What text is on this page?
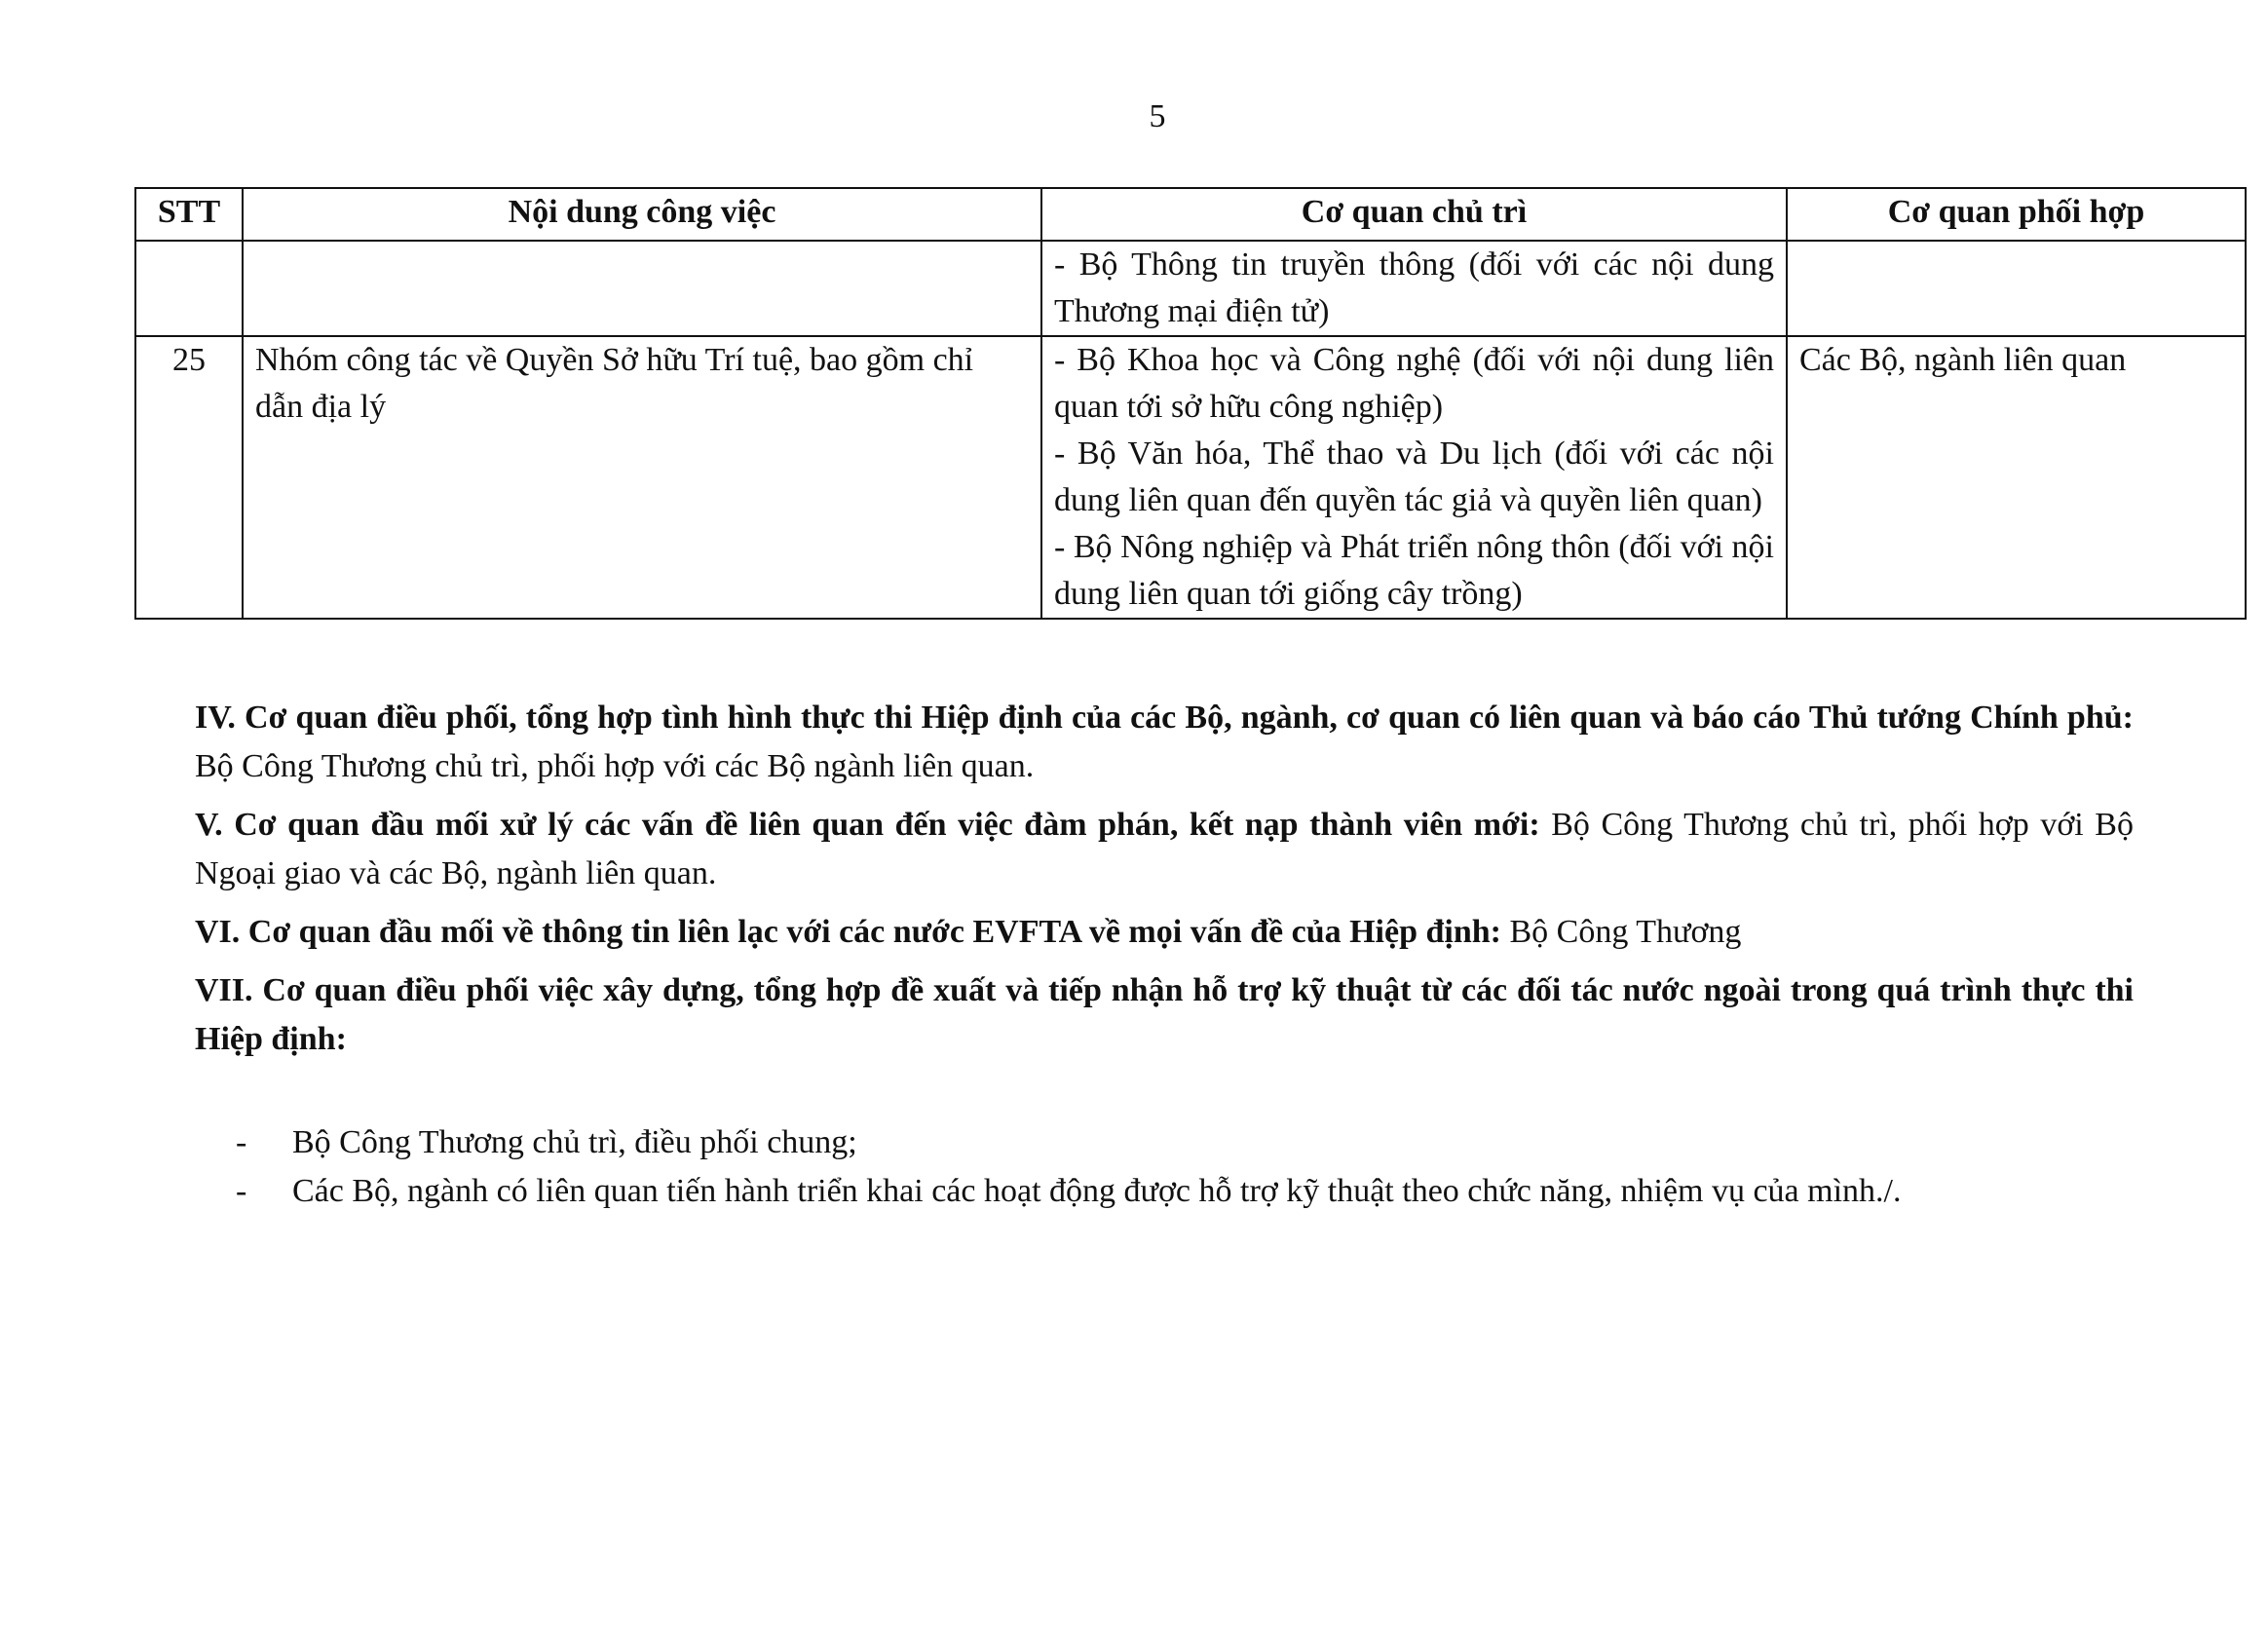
5
STT	Nội dung công việc	Cơ quan chủ trì	Cơ quan phối hợp

		- Bộ Thông tin truyền thông (đối với các nội dung Thương mại điện tử)	

25	Nhóm công tác về Quyền Sở hữu Trí tuệ, bao gồm chỉ dẫn địa lý	- Bộ Khoa học và Công nghệ (đối với nội dung liên quan tới sở hữu công nghiệp)
- Bộ Văn hóa, Thể thao và Du lịch (đối với các nội dung liên quan đến quyền tác giả và quyền liên quan)
- Bộ Nông nghiệp và Phát triển nông thôn (đối với nội dung liên quan tới giống cây trồng)	Các Bộ, ngành liên quan

IV. Cơ quan điều phối, tổng hợp tình hình thực thi Hiệp định của các Bộ, ngành, cơ quan có liên quan và báo cáo Thủ tướng Chính phủ: Bộ Công Thương chủ trì, phối hợp với các Bộ ngành liên quan.

V. Cơ quan đầu mối xử lý các vấn đề liên quan đến việc đàm phán, kết nạp thành viên mới: Bộ Công Thương chủ trì, phối hợp với Bộ Ngoại giao và các Bộ, ngành liên quan.

VI. Cơ quan đầu mối về thông tin liên lạc với các nước EVFTA về mọi vấn đề của Hiệp định: Bộ Công Thương

VII. Cơ quan điều phối việc xây dựng, tổng hợp đề xuất và tiếp nhận hỗ trợ kỹ thuật từ các đối tác nước ngoài trong quá trình thực thi Hiệp định:

- Bộ Công Thương chủ trì, điều phối chung;
- Các Bộ, ngành có liên quan tiến hành triển khai các hoạt động được hỗ trợ kỹ thuật theo chức năng, nhiệm vụ của mình./.
